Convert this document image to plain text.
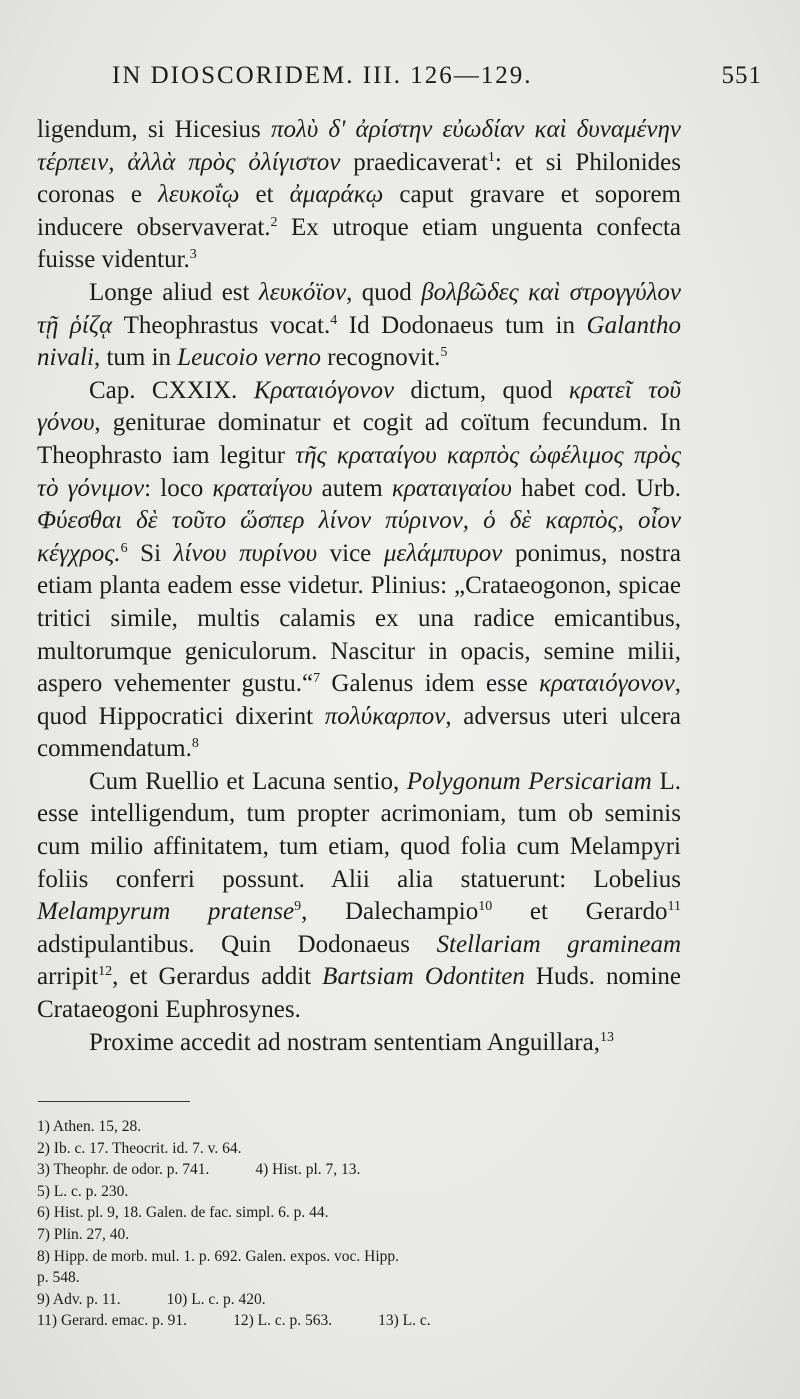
IN DIOSCORIDEM. III. 126—129.	551

ligendum, si Hicesius πολὺ δ' ἀρίστην εὐωδίαν καὶ δυναμένην τέρπειν, ἀλλὰ πρὸς ὀλίγιστον praedicaverat$^1$: et si Philonides coronas e λευκοΐῳ et ἀμαράκῳ caput gravare et soporem inducere observaverat.$^2$ Ex utroque etiam unguenta confecta fuisse videntur.$^3$

Longe aliud est λευκόϊον, quod βολβῶδες καὶ στρογγύλον τῇ ῥίζᾳ Theophrastus vocat.$^4$ Id Dodonaeus tum in Galantho nivali, tum in Leucoio verno recognovit.$^5$

Cap. CXXIX. Κραταιόγονον dictum, quod κρατεῖ τοῦ γόνου, geniturae dominatur et cogit ad coïtum fecundum. In Theophrasto iam legitur τῆς κραταίγου καρπὸς ὠφέλιμος πρὸς τὸ γόνιμον: loco κραταίγου autem κραταιγαίου habet cod. Urb. Φύεσθαι δὲ τοῦτο ὥσπερ λίνον πύρινον, ὁ δὲ καρπὸς, οἷον κέγχρος.$^6$ Si λίνου πυρίνου vice μελάμπυρον ponimus, nostra etiam planta eadem esse videtur. Plinius: „Crataeogonon, spicae tritici simile, multis calamis ex una radice emicantibus, multorumque geniculorum. Nascitur in opacis, semine milii, aspero vehementer gustu.“$^7$ Galenus idem esse κραταιόγονον, quod Hippocratici dixerint πολύκαρπον, adversus uteri ulcera commendatum.$^8$

Cum Ruellio et Lacuna sentio, Polygonum Persicariam L. esse intelligendum, tum propter acrimoniam, tum ob seminis cum milio affinitatem, tum etiam, quod folia cum Melampyri foliis conferri possunt. Alii alia statuerunt: Lobelius Melampyrum pratense$^9$, Dalechampio$^{10}$ et Gerardo$^{11}$ adstipulantibus. Quin Dodonaeus Stellariam gramineam arripit$^{12}$, et Gerardus addit Bartsiam Odontiten Huds. nomine Crataeogoni Euphrosynes.

Proxime accedit ad nostram sententiam Anguillara,$^{13}$

1) Athen. 15, 28.
2) Ib. c. 17. Theocrit. id. 7. v. 64.
3) Theophr. de odor. p. 741.	4) Hist. pl. 7, 13.
5) L. c. p. 230.
6) Hist. pl. 9, 18. Galen. de fac. simpl. 6. p. 44.
7) Plin. 27, 40.
8) Hipp. de morb. mul. 1. p. 692. Galen. expos. voc. Hipp.
p. 548.
9) Adv. p. 11.	10) L. c. p. 420.
11) Gerard. emac. p. 91.	12) L. c. p. 563.	13) L. c.
